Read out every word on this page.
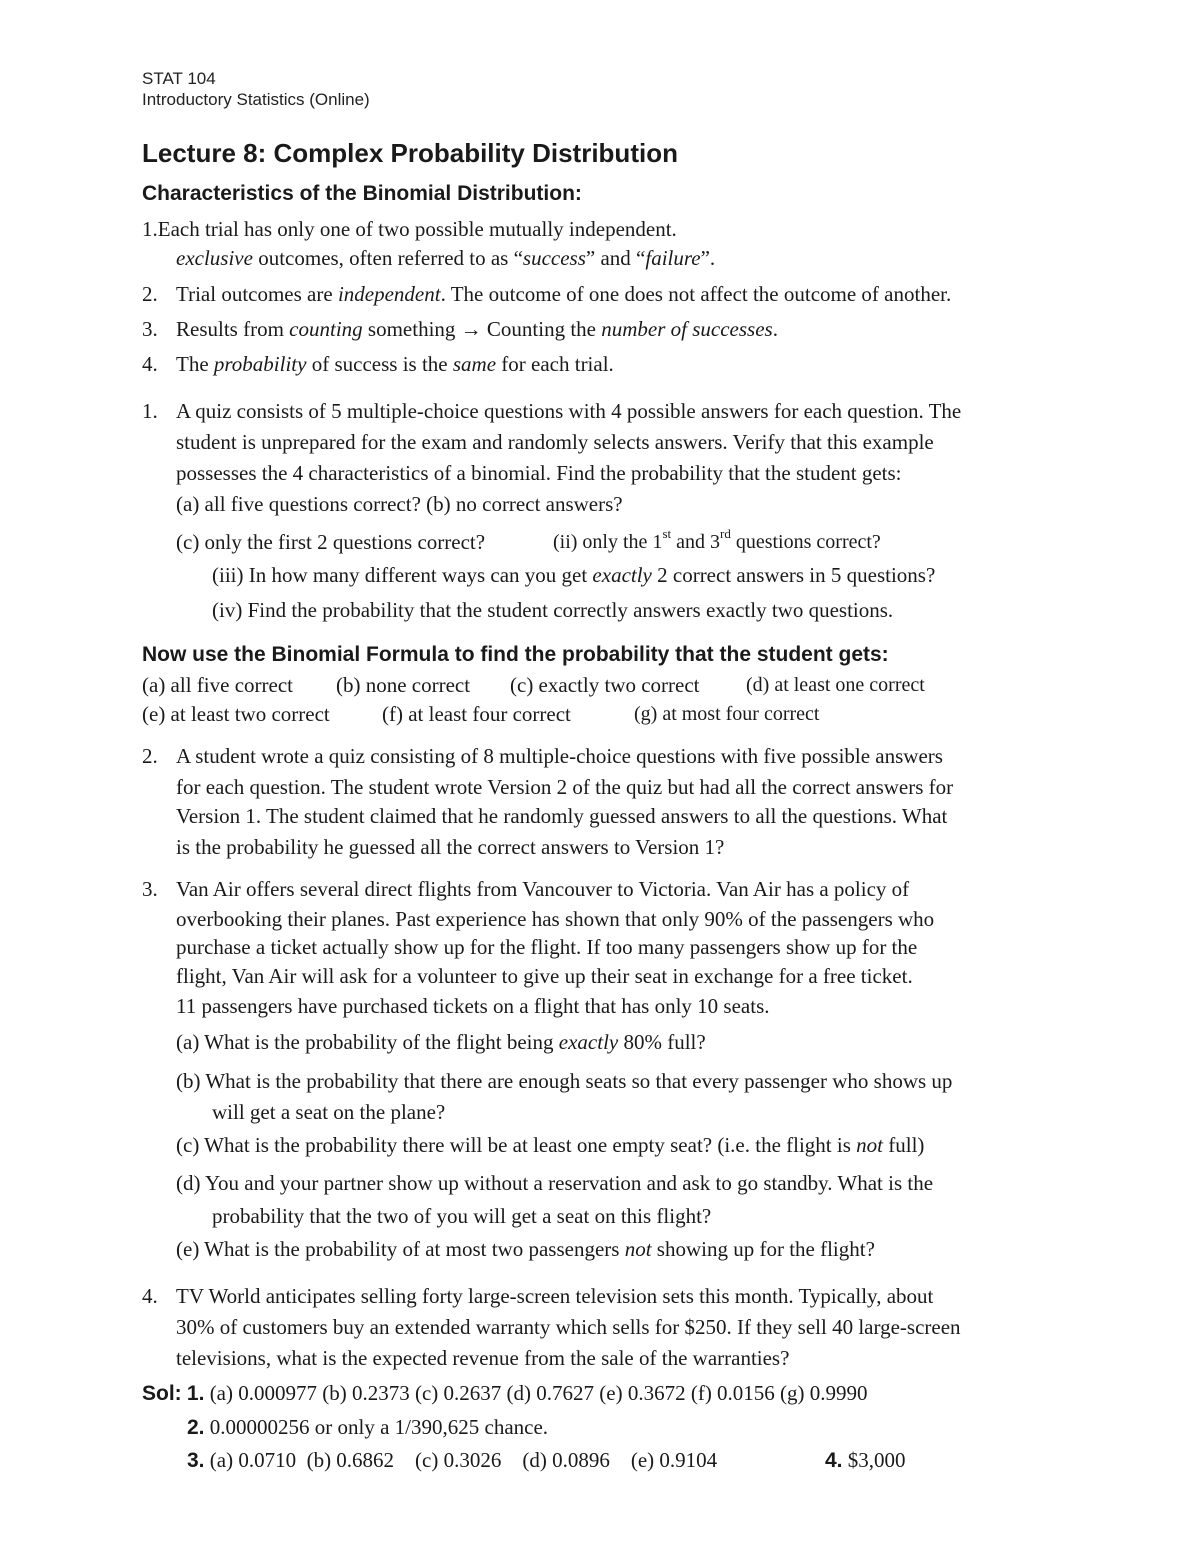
STAT 104
Introductory Statistics (Online)
Lecture 8: Complex Probability Distribution
Characteristics of the Binomial Distribution:
1.Each trial has only one of two possible mutually independent.
exclusive outcomes, often referred to as “success” and “failure”.
2. Trial outcomes are independent. The outcome of one does not affect the outcome of another.
3. Results from counting something → Counting the number of successes.
4. The probability of success is the same for each trial.
1. A quiz consists of 5 multiple-choice questions with 4 possible answers for each question. The
student is unprepared for the exam and randomly selects answers. Verify that this example
possesses the 4 characteristics of a binomial. Find the probability that the student gets:
(a) all five questions correct? (b) no correct answers?
(c) only the first 2 questions correct?	(ii) only the 1st and 3rd questions correct?
(iii) In how many different ways can you get exactly 2 correct answers in 5 questions?
(iv) Find the probability that the student correctly answers exactly two questions.
Now use the Binomial Formula to find the probability that the student gets:
(a) all five correct (b) none correct (c) exactly two correct (d) at least one correct
(e) at least two correct (f) at least four correct	(g) at most four correct
2. A student wrote a quiz consisting of 8 multiple-choice questions with five possible answers
for each question. The student wrote Version 2 of the quiz but had all the correct answers for
Version 1. The student claimed that he randomly guessed answers to all the questions. What
is the probability he guessed all the correct answers to Version 1?
3. Van Air offers several direct flights from Vancouver to Victoria. Van Air has a policy of
overbooking their planes. Past experience has shown that only 90% of the passengers who
purchase a ticket actually show up for the flight. If too many passengers show up for the
flight, Van Air will ask for a volunteer to give up their seat in exchange for a free ticket.
11 passengers have purchased tickets on a flight that has only 10 seats.
(a) What is the probability of the flight being exactly 80% full?
(b) What is the probability that there are enough seats so that every passenger who shows up
will get a seat on the plane?
(c) What is the probability there will be at least one empty seat? (i.e. the flight is not full)
(d) You and your partner show up without a reservation and ask to go standby. What is the
probability that the two of you will get a seat on this flight?
(e) What is the probability of at most two passengers not showing up for the flight?
4. TV World anticipates selling forty large-screen television sets this month. Typically, about
30% of customers buy an extended warranty which sells for $250. If they sell 40 large-screen
televisions, what is the expected revenue from the sale of the warranties?
Sol: 1. (a) 0.000977 (b) 0.2373 (c) 0.2637 (d) 0.7627 (e) 0.3672 (f) 0.0156 (g) 0.9990
2. 0.00000256 or only a 1/390,625 chance.
3. (a) 0.0710  (b) 0.6862    (c) 0.3026    (d) 0.0896    (e) 0.9104	4. $3,000
